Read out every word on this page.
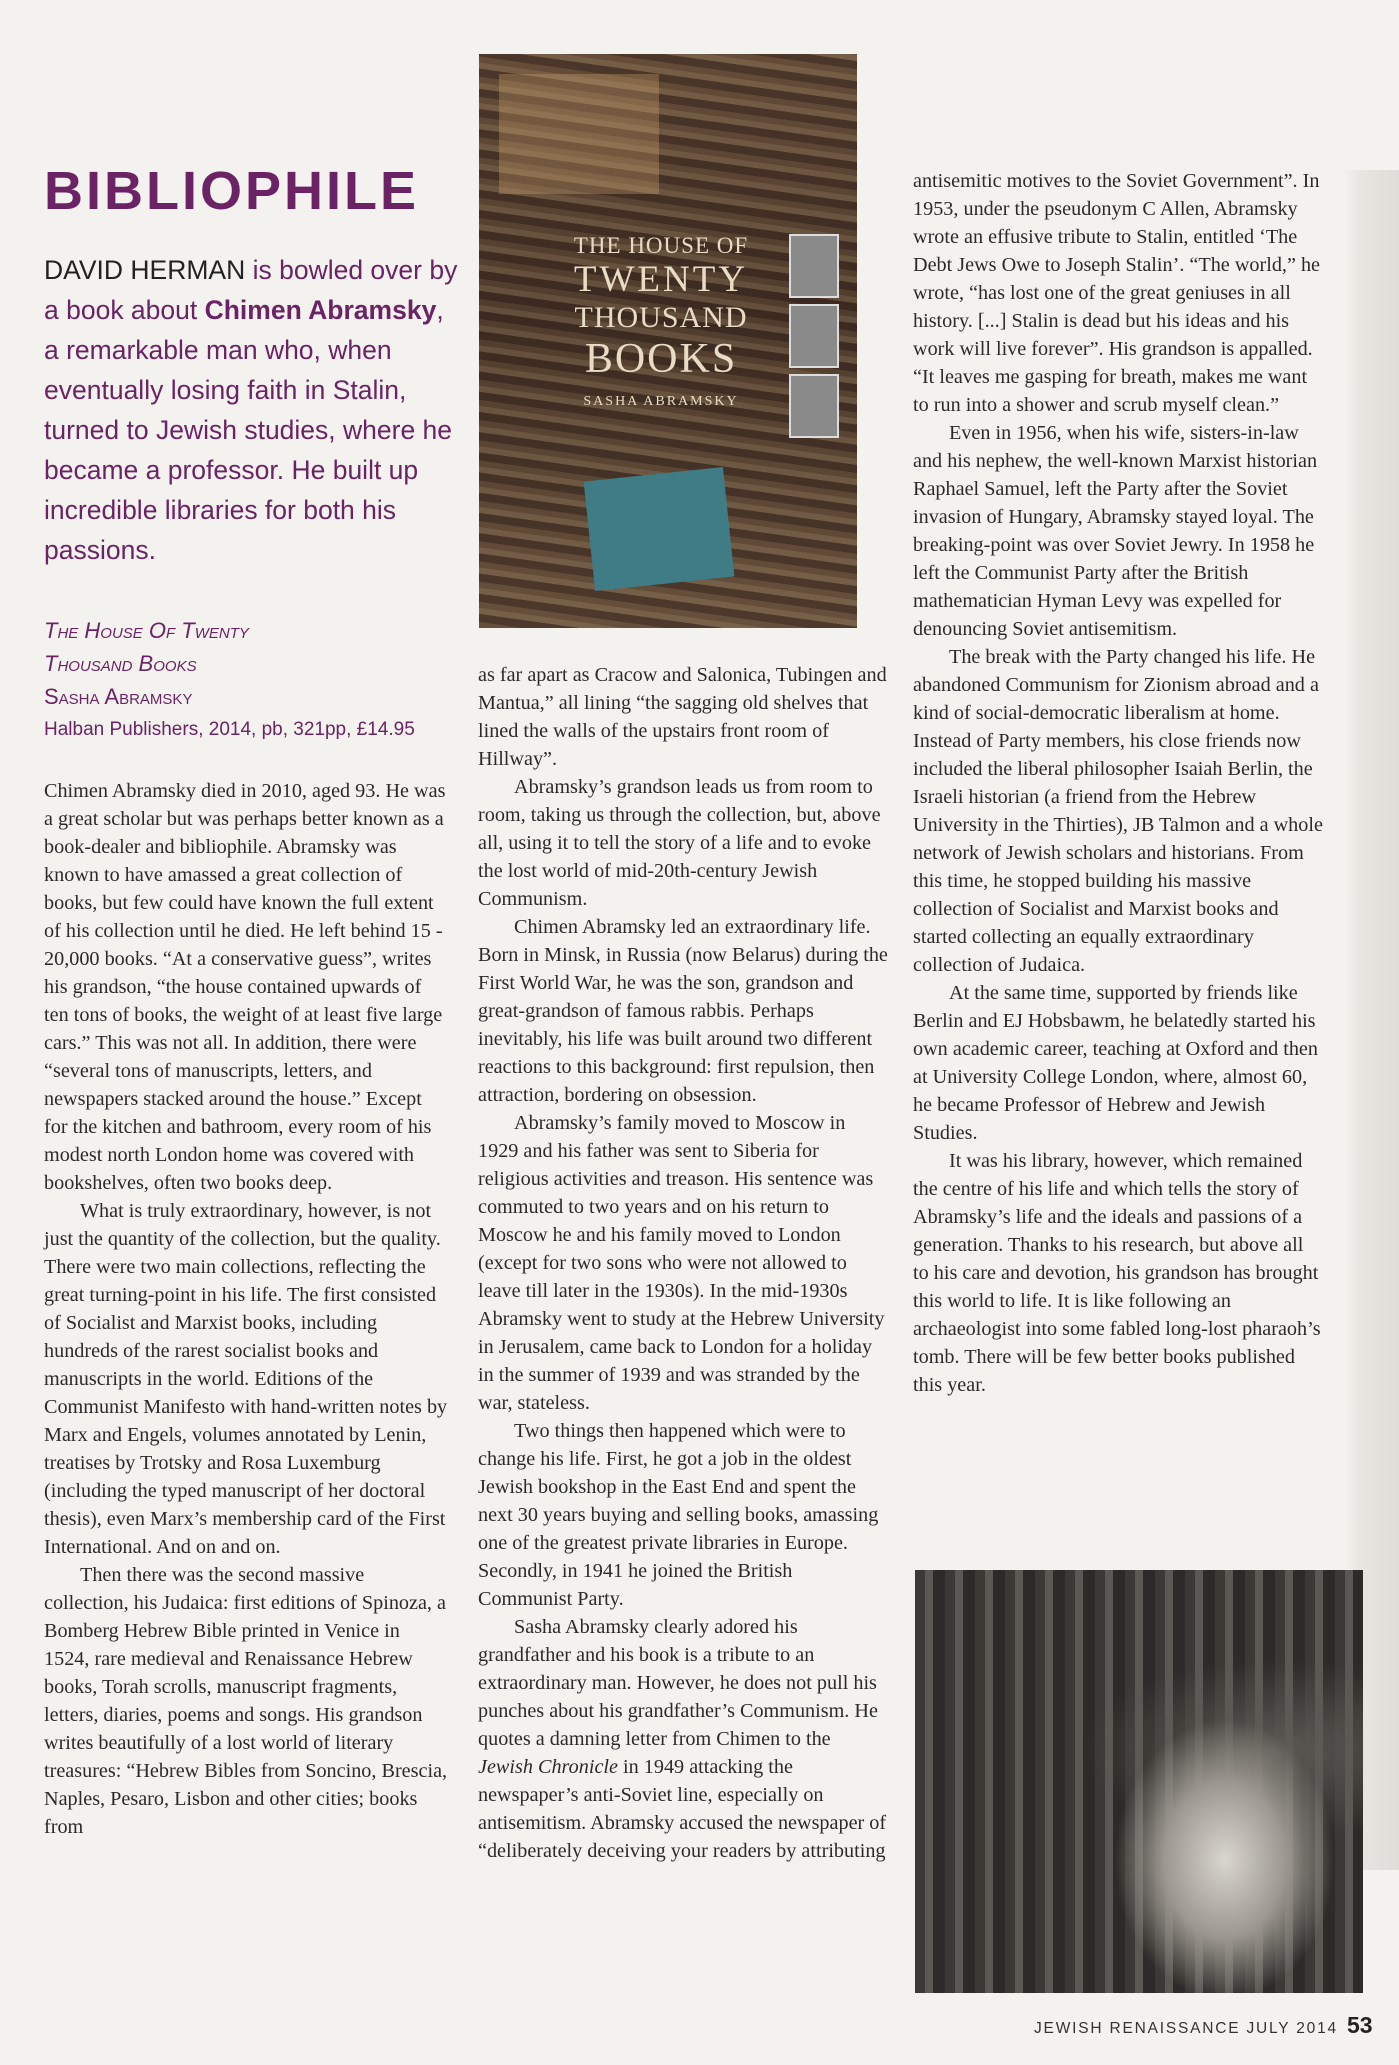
BIBLIOPHILE

DAVID HERMAN is bowled over by a book about Chimen Abramsky, a remarkable man who, when eventually losing faith in Stalin, turned to Jewish studies, where he became a professor. He built up incredible libraries for both his passions.

The House Of Twenty
Thousand Books
Sasha Abramsky
Halban Publishers, 2014, pb, 321pp, £14.95
THE HOUSE OF
TWENTY
THOUSAND
BOOKS
SASHA ABRAMSKY

Chimen Abramsky died in 2010, aged 93. He was a great scholar but was perhaps better known as a book-dealer and bibliophile. Abramsky was known to have amassed a great collection of books, but few could have known the full extent of his collection until he died. He left behind 15 - 20,000 books. “At a conservative guess”, writes his grandson, “the house contained upwards of ten tons of books, the weight of at least five large cars.” This was not all. In addition, there were “several tons of manuscripts, letters, and newspapers stacked around the house.” Except for the kitchen and bathroom, every room of his modest north London home was covered with bookshelves, often two books deep.

What is truly extraordinary, however, is not just the quantity of the collection, but the quality. There were two main collections, reflecting the great turning-point in his life. The first consisted of Socialist and Marxist books, including hundreds of the rarest socialist books and manuscripts in the world. Editions of the Communist Manifesto with hand-written notes by Marx and Engels, volumes annotated by Lenin, treatises by Trotsky and Rosa Luxemburg (including the typed manuscript of her doctoral thesis), even Marx’s membership card of the First International. And on and on.

Then there was the second massive collection, his Judaica: first editions of Spinoza, a Bomberg Hebrew Bible printed in Venice in 1524, rare medieval and Renaissance Hebrew books, Torah scrolls, manuscript fragments, letters, diaries, poems and songs. His grandson writes beautifully of a lost world of literary treasures: “Hebrew Bibles from Soncino, Brescia, Naples, Pesaro, Lisbon and other cities; books from

as far apart as Cracow and Salonica, Tubingen and Mantua,” all lining “the sagging old shelves that lined the walls of the upstairs front room of Hillway”.

Abramsky’s grandson leads us from room to room, taking us through the collection, but, above all, using it to tell the story of a life and to evoke the lost world of mid-20th-century Jewish Communism.

Chimen Abramsky led an extraordinary life. Born in Minsk, in Russia (now Belarus) during the First World War, he was the son, grandson and great-grandson of famous rabbis. Perhaps inevitably, his life was built around two different reactions to this background: first repulsion, then attraction, bordering on obsession.

Abramsky’s family moved to Moscow in 1929 and his father was sent to Siberia for religious activities and treason. His sentence was commuted to two years and on his return to Moscow he and his family moved to London (except for two sons who were not allowed to leave till later in the 1930s). In the mid-1930s Abramsky went to study at the Hebrew University in Jerusalem, came back to London for a holiday in the summer of 1939 and was stranded by the war, stateless.

Two things then happened which were to change his life. First, he got a job in the oldest Jewish bookshop in the East End and spent the next 30 years buying and selling books, amassing one of the greatest private libraries in Europe. Secondly, in 1941 he joined the British Communist Party.

Sasha Abramsky clearly adored his grandfather and his book is a tribute to an extraordinary man. However, he does not pull his punches about his grandfather’s Communism. He quotes a damning letter from Chimen to the Jewish Chronicle in 1949 attacking the newspaper’s anti-Soviet line, especially on antisemitism. Abramsky accused the newspaper of “deliberately deceiving your readers by attributing

antisemitic motives to the Soviet Government”. In 1953, under the pseudonym C Allen, Abramsky wrote an effusive tribute to Stalin, entitled ‘The Debt Jews Owe to Joseph Stalin’. “The world,” he wrote, “has lost one of the great geniuses in all history. [...] Stalin is dead but his ideas and his work will live forever”. His grandson is appalled. “It leaves me gasping for breath, makes me want to run into a shower and scrub myself clean.”

Even in 1956, when his wife, sisters-in-law and his nephew, the well-known Marxist historian Raphael Samuel, left the Party after the Soviet invasion of Hungary, Abramsky stayed loyal. The breaking-point was over Soviet Jewry. In 1958 he left the Communist Party after the British mathematician Hyman Levy was expelled for denouncing Soviet antisemitism.

The break with the Party changed his life. He abandoned Communism for Zionism abroad and a kind of social-democratic liberalism at home. Instead of Party members, his close friends now included the liberal philosopher Isaiah Berlin, the Israeli historian (a friend from the Hebrew University in the Thirties), JB Talmon and a whole network of Jewish scholars and historians. From this time, he stopped building his massive collection of Socialist and Marxist books and started collecting an equally extraordinary collection of Judaica.

At the same time, supported by friends like Berlin and EJ Hobsbawm, he belatedly started his own academic career, teaching at Oxford and then at University College London, where, almost 60, he became Professor of Hebrew and Jewish Studies.

It was his library, however, which remained the centre of his life and which tells the story of Abramsky’s life and the ideals and passions of a generation. Thanks to his research, but above all to his care and devotion, his grandson has brought this world to life. It is like following an archaeologist into some fabled long-lost pharaoh’s tomb. There will be few better books published this year.

JEWISH RENAISSANCE JULY 2014 53
